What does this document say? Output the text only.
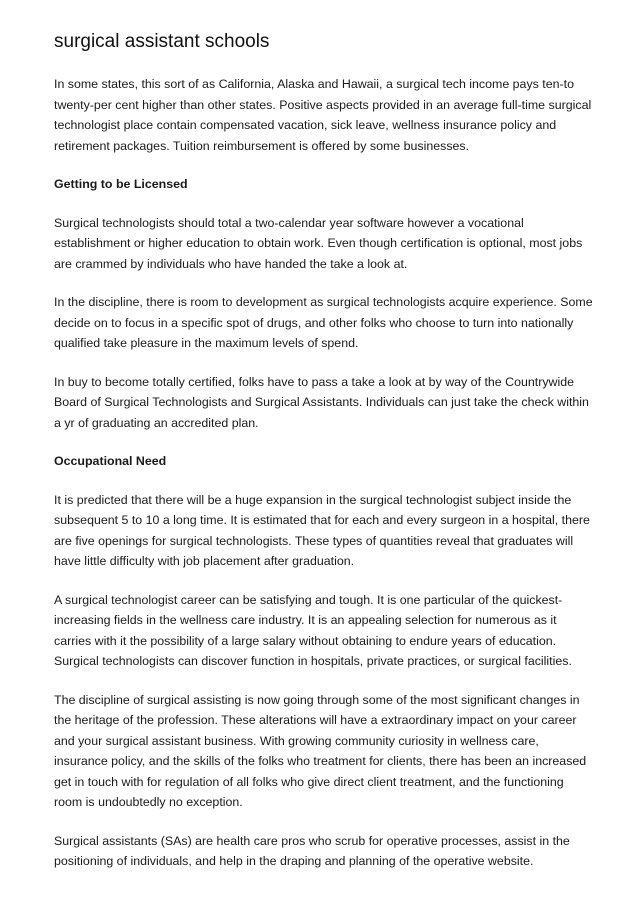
surgical assistant schools

In some states, this sort of as California, Alaska and Hawaii, a surgical tech income pays ten-to twenty-per cent higher than other states. Positive aspects provided in an average full-time surgical technologist place contain compensated vacation, sick leave, wellness insurance policy and retirement packages. Tuition reimbursement is offered by some businesses.

Getting to be Licensed

Surgical technologists should total a two-calendar year software however a vocational establishment or higher education to obtain work. Even though certification is optional, most jobs are crammed by individuals who have handed the take a look at.

In the discipline, there is room to development as surgical technologists acquire experience. Some decide on to focus in a specific spot of drugs, and other folks who choose to turn into nationally qualified take pleasure in the maximum levels of spend.

In buy to become totally certified, folks have to pass a take a look at by way of the Countrywide Board of Surgical Technologists and Surgical Assistants. Individuals can just take the check within a yr of graduating an accredited plan.

Occupational Need

It is predicted that there will be a huge expansion in the surgical technologist subject inside the subsequent 5 to 10 a long time. It is estimated that for each and every surgeon in a hospital, there are five openings for surgical technologists. These types of quantities reveal that graduates will have little difficulty with job placement after graduation.

A surgical technologist career can be satisfying and tough. It is one particular of the quickest-increasing fields in the wellness care industry. It is an appealing selection for numerous as it carries with it the possibility of a large salary without obtaining to endure years of education. Surgical technologists can discover function in hospitals, private practices, or surgical facilities.

The discipline of surgical assisting is now going through some of the most significant changes in the heritage of the profession. These alterations will have a extraordinary impact on your career and your surgical assistant business. With growing community curiosity in wellness care, insurance policy, and the skills of the folks who treatment for clients, there has been an increased get in touch with for regulation of all folks who give direct client treatment, and the functioning room is undoubtedly no exception.

Surgical assistants (SAs) are health care pros who scrub for operative processes, assist in the positioning of individuals, and help in the draping and planning of the operative website.
